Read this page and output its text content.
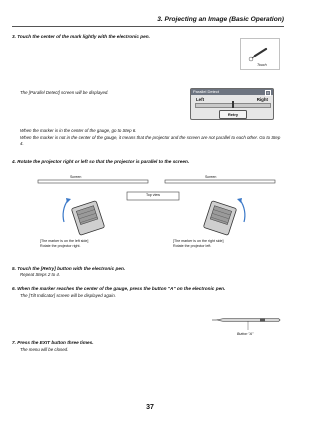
3. Projecting an Image (Basic Operation)
3. Touch the center of the mark lightly with the electronic pen.
Touch
The [Parallel Detect] screen will be displayed.	Parallel Detect	x
Left	Right
Retry
When the marker is in the center of the gauge, go to Step 6.
When the marker is not in the center of the gauge, it means that the projector and the screen are not parallel to each other. Go to Step 4.
4. Rotate the projector right or left so that the projector is parallel to the screen.
Screen	Screen
Top view
[The marker is on the left side]
Rotate the projector right.
[The marker is on the right side]
Rotate the projector left.
5. Touch the [Retry] button with the electronic pen.
Repeat Steps 2 to 4.
6. When the marker reaches the center of the gauge, press the button "A" on the electronic pen.
The [Tilt Indicator] screen will be displayed again.
Button "A"
7. Press the EXIT button three times.
The menu will be closed.
37
